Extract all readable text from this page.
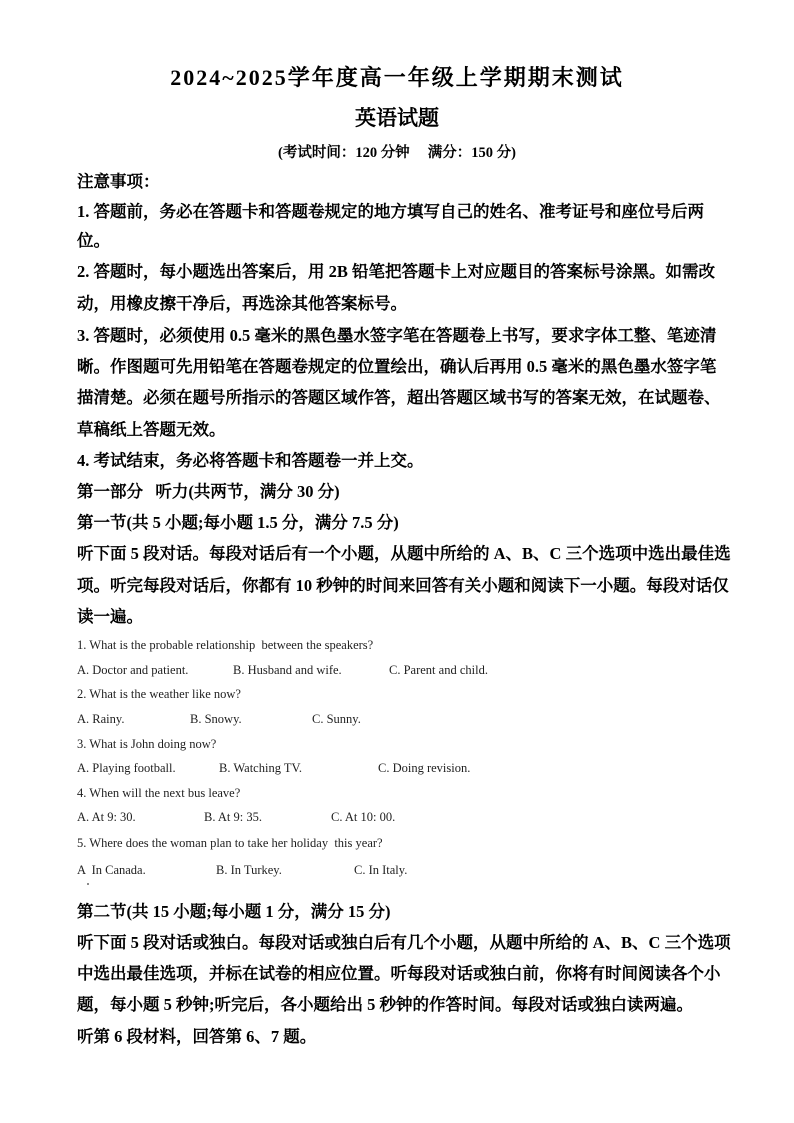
2024~2025学年度高一年级上学期期末测试
英语试题
(考试时间：120 分钟     满分：150 分)
注意事项：
1. 答题前，务必在答题卡和答题卷规定的地方填写自己的姓名、准考证号和座位号后两
位。
2. 答题时，每小题选出答案后，用 2B 铅笔把答题卡上对应题目的答案标号涂黑。如需改
动，用橡皮擦干净后，再选涂其他答案标号。
3. 答题时，必须使用 0.5 毫米的黑色墨水签字笔在答题卷上书写，要求字体工整、笔迹清
晰。作图题可先用铅笔在答题卷规定的位置绘出，确认后再用 0.5 毫米的黑色墨水签字笔
描清楚。必须在题号所指示的答题区域作答，超出答题区域书写的答案无效，在试题卷、
草稿纸上答题无效。
4. 考试结束，务必将答题卡和答题卷一并上交。
第一部分   听力(共两节，满分 30 分)
第一节(共 5 小题;每小题 1.5 分，满分 7.5 分)
听下面 5 段对话。每段对话后有一个小题，从题中所给的 A、B、C 三个选项中选出最佳选
项。听完每段对话后，你都有 10 秒钟的时间来回答有关小题和阅读下一小题。每段对话仅
读一遍。
1. What is the probable relationship  between the speakers?
A. Doctor and patient.	B. Husband and wife.	C. Parent and child.
2. What is the weather like now?
A. Rainy.	B. Snowy.	C. Sunny.
3. What is John doing now?
A. Playing football.	B. Watching TV.	C. Doing revision.
4. When will the next bus leave?
A. At 9: 30.	B. At 9: 35.	C. At 10: 00.
5. Where does the woman plan to take her holiday  this year?
A  In Canada.	B. In Turkey.	C. In Italy.
第二节(共 15 小题;每小题 1 分，满分 15 分)
听下面 5 段对话或独白。每段对话或独白后有几个小题，从题中所给的 A、B、C 三个选项
中选出最佳选项，并标在试卷的相应位置。听每段对话或独白前，你将有时间阅读各个小
题，每小题 5 秒钟;听完后，各小题给出 5 秒钟的作答时间。每段对话或独白读两遍。
听第 6 段材料，回答第 6、7 题。
